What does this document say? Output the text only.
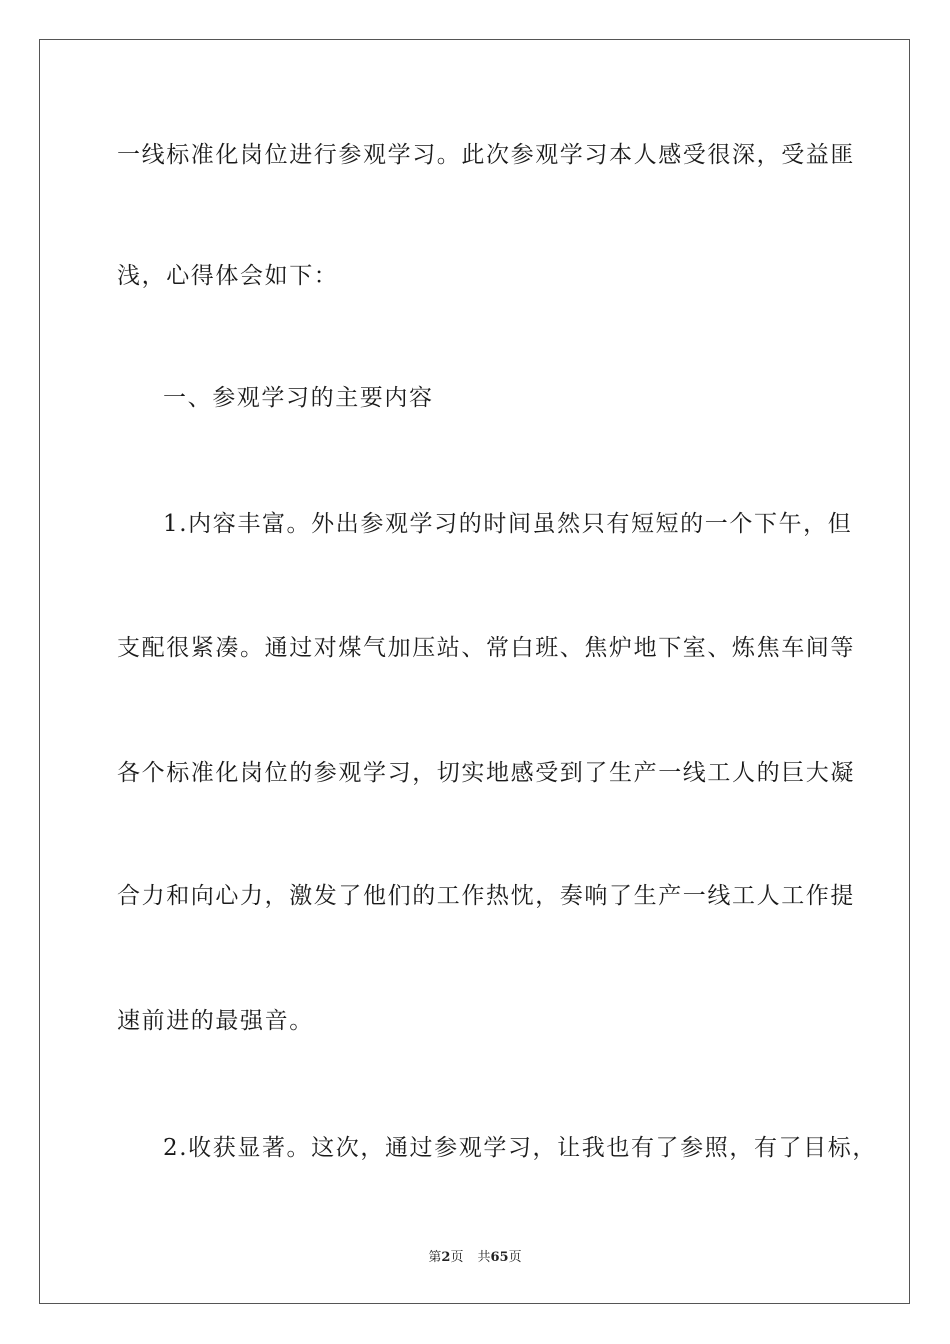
一线标准化岗位进行参观学习。此次参观学习本人感受很深，受益匪
浅，心得体会如下：
一、参观学习的主要内容
1.内容丰富。外出参观学习的时间虽然只有短短的一个下午，但
支配很紧凑。通过对煤气加压站、常白班、焦炉地下室、炼焦车间等
各个标准化岗位的参观学习，切实地感受到了生产一线工人的巨大凝
合力和向心力，激发了他们的工作热忱，奏响了生产一线工人工作提
速前进的最强音。
2.收获显著。这次，通过参观学习，让我也有了参照，有了目标，
第2页 共65页
